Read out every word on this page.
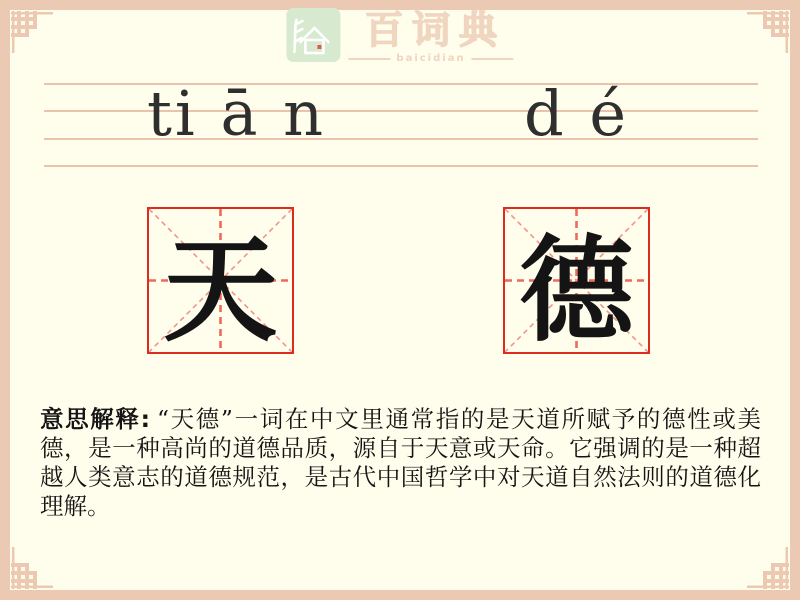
百词典
baicidian
ti ā n	d é
天 德
意思解释: “天德”一词在中文里通常指的是天道所赋予的德性或美德，是一种高尚的道德品质，源自于天意或天命。它强调的是一种超越人类意志的道德规范，是古代中国哲学中对天道自然法则的道德化理解。
